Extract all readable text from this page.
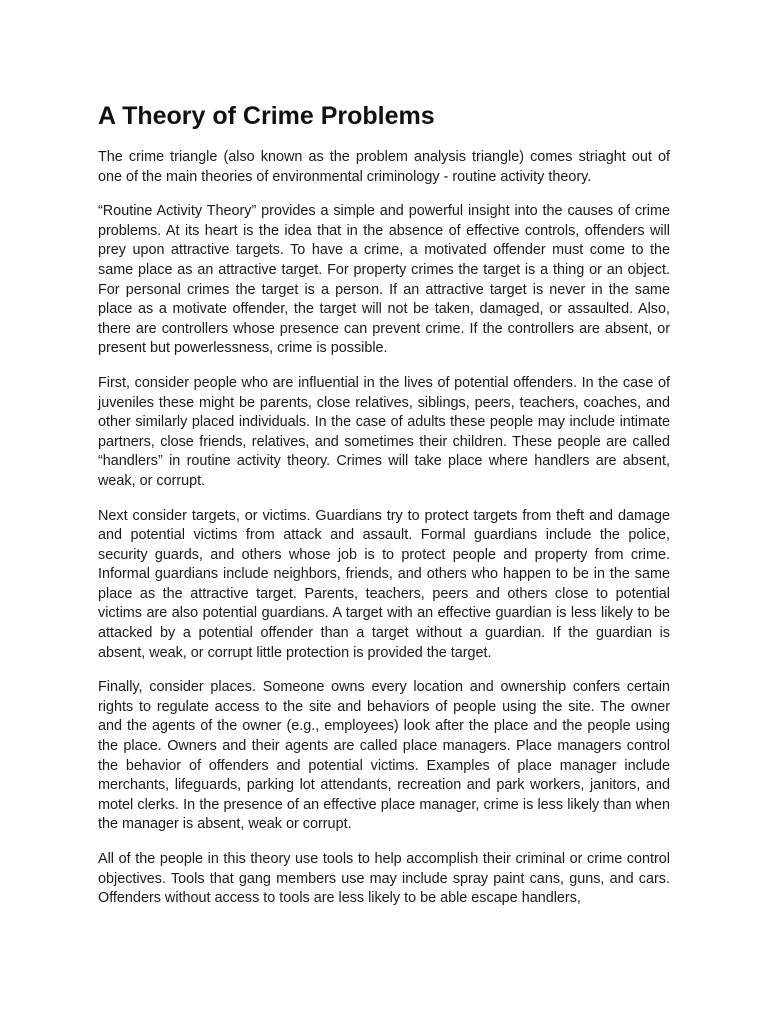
A Theory of Crime Problems

The crime triangle (also known as the problem analysis triangle) comes striaght out of one of the main theories of environmental criminology - routine activity theory.

“Routine Activity Theory” provides a simple and powerful insight into the causes of crime problems. At its heart is the idea that in the absence of effective controls, offenders will prey upon attractive targets. To have a crime, a motivated offender must come to the same place as an attractive target. For property crimes the target is a thing or an object. For personal crimes the target is a person. If an attractive target is never in the same place as a motivate offender, the target will not be taken, damaged, or assaulted. Also, there are controllers whose presence can prevent crime. If the controllers are absent, or present but powerlessness, crime is possible.

First, consider people who are influential in the lives of potential offenders. In the case of juveniles these might be parents, close relatives, siblings, peers, teachers, coaches, and other similarly placed individuals. In the case of adults these people may include intimate partners, close friends, relatives, and sometimes their children. These people are called “handlers” in routine activity theory. Crimes will take place where handlers are absent, weak, or corrupt.

Next consider targets, or victims. Guardians try to protect targets from theft and damage and potential victims from attack and assault. Formal guardians include the police, security guards, and others whose job is to protect people and property from crime. Informal guardians include neighbors, friends, and others who happen to be in the same place as the attractive target. Parents, teachers, peers and others close to potential victims are also potential guardians. A target with an effective guardian is less likely to be attacked by a potential offender than a target without a guardian. If the guardian is absent, weak, or corrupt little protection is provided the target.

Finally, consider places. Someone owns every location and ownership confers certain rights to regulate access to the site and behaviors of people using the site. The owner and the agents of the owner (e.g., employees) look after the place and the people using the place. Owners and their agents are called place managers. Place managers control the behavior of offenders and potential victims. Examples of place manager include merchants, lifeguards, parking lot attendants, recreation and park workers, janitors, and motel clerks. In the presence of an effective place manager, crime is less likely than when the manager is absent, weak or corrupt.

All of the people in this theory use tools to help accomplish their criminal or crime control objectives. Tools that gang members use may include spray paint cans, guns, and cars. Offenders without access to tools are less likely to be able escape handlers,
